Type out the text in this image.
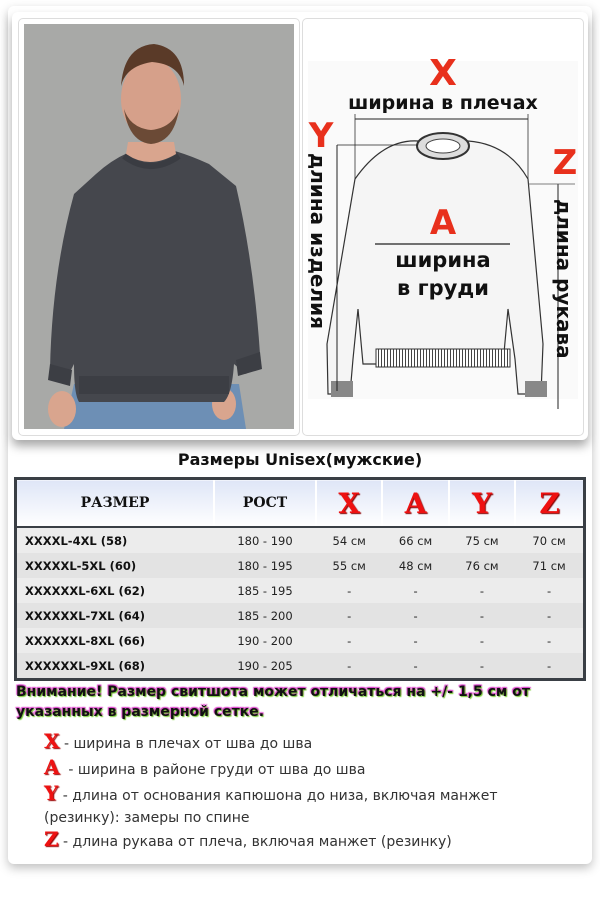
X
ширина в плечах
Y
Z
A
ширина
в груди
длина изделия	длина рукава
Размеры Unisex(мужские)
РАЗМЕР	РОСТ	X	A	Y	Z
XXXXL-4XL (58)	180 - 190	54 см	66 см	75 см	70 см
XXXXXL-5XL (60)	180 - 195	55 см	48 см	76 см	71 см
XXXXXXL-6XL (62)	185 - 195	-	-	-	-
XXXXXXL-7XL (64)	185 - 200	-	-	-	-
XXXXXXL-8XL (66)	190 - 200	-	-	-	-
XXXXXXL-9XL (68)	190 - 205	-	-	-	-
Внимание! Размер свитшота может отличаться на +/- 1,5 см от указанных в размерной сетке.
X - ширина в плечах от шва до шва
A  - ширина в районе груди от шва до шва
Y - длина от основания капюшона до низа, включая манжет
(резинку): замеры по спине
Z - длина рукава от плеча, включая манжет (резинку)
